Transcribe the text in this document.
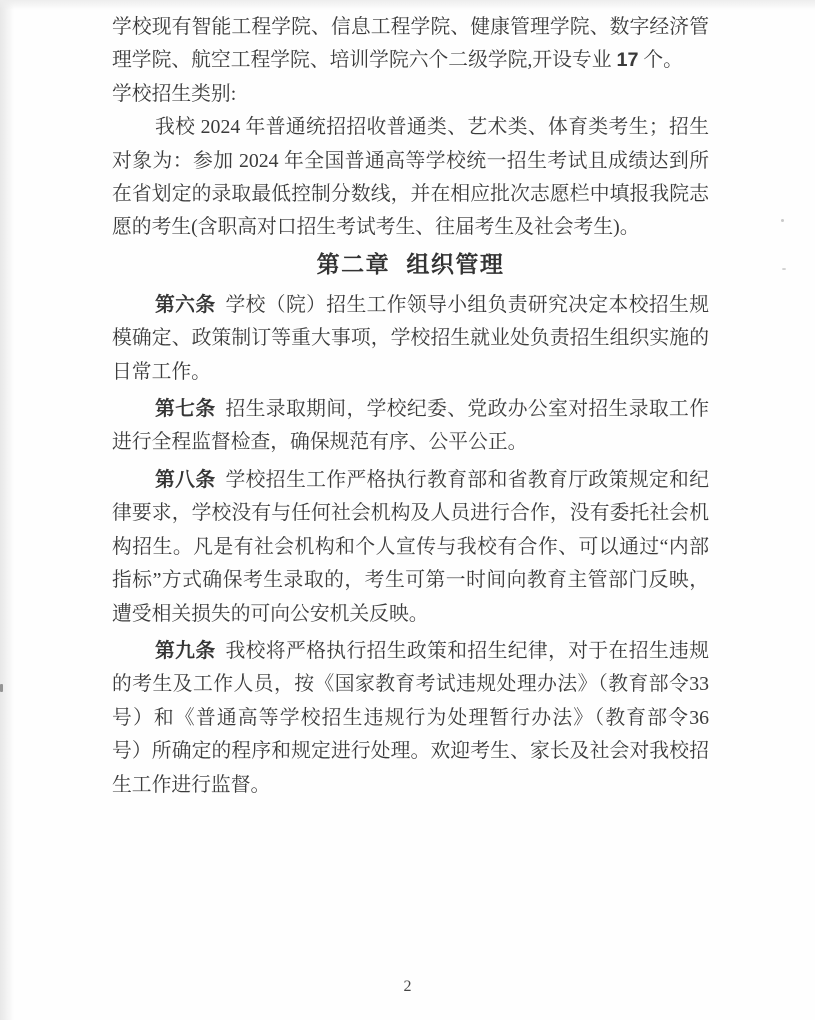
学校现有智能工程学院、信息工程学院、健康管理学院、数字经济管理学院、航空工程学院、培训学院六个二级学院,开设专业 17 个。

学校招生类别:

我校 2024 年普通统招招收普通类、艺术类、体育类考生；招生对象为：参加 2024 年全国普通高等学校统一招生考试且成绩达到所在省划定的录取最低控制分数线，并在相应批次志愿栏中填报我院志愿的考生(含职高对口招生考试考生、往届考生及社会考生)。

第二章 组织管理

第六条 学校（院）招生工作领导小组负责研究决定本校招生规模确定、政策制订等重大事项，学校招生就业处负责招生组织实施的日常工作。

第七条 招生录取期间，学校纪委、党政办公室对招生录取工作进行全程监督检查，确保规范有序、公平公正。

第八条 学校招生工作严格执行教育部和省教育厅政策规定和纪律要求，学校没有与任何社会机构及人员进行合作，没有委托社会机构招生。凡是有社会机构和个人宣传与我校有合作、可以通过“内部指标”方式确保考生录取的，考生可第一时间向教育主管部门反映，遭受相关损失的可向公安机关反映。

第九条 我校将严格执行招生政策和招生纪律，对于在招生违规的考生及工作人员，按《国家教育考试违规处理办法》（教育部令33 号）和《普通高等学校招生违规行为处理暂行办法》（教育部令36 号）所确定的程序和规定进行处理。欢迎考生、家长及社会对我校招生工作进行监督。

2
